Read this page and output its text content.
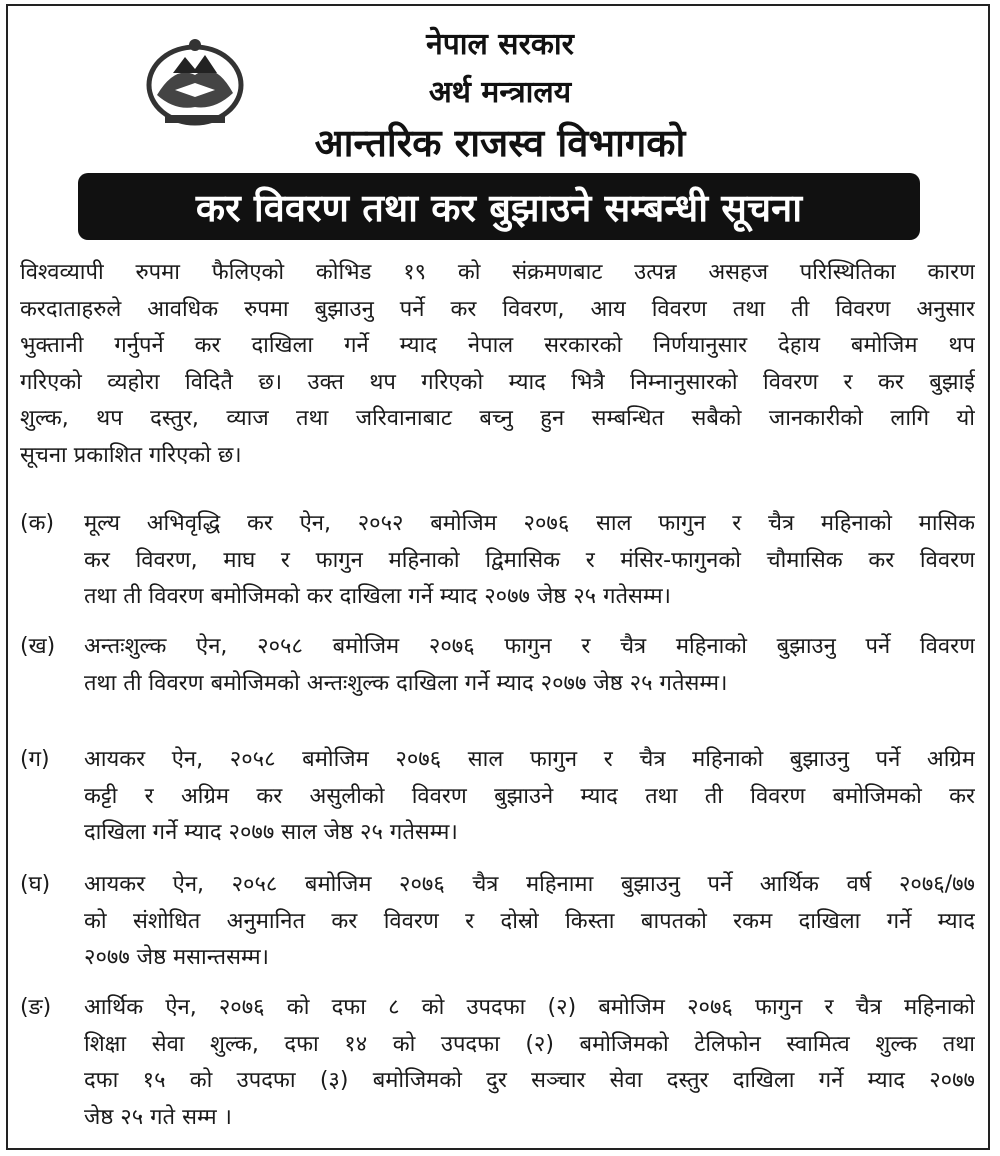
नेपाल सरकार
अर्थ मन्त्रालय
आन्तरिक राजस्व विभागको
कर विवरण तथा कर बुझाउने सम्बन्धी सूचना
विश्वव्यापी रुपमा फैलिएको कोभिड १९ को संक्रमणबाट उत्पन्न असहज परिस्थितिका कारण
करदाताहरुले आवधिक रुपमा बुझाउनु पर्ने कर विवरण, आय विवरण तथा ती विवरण अनुसार
भुक्तानी गर्नुपर्ने कर दाखिला गर्ने म्याद नेपाल सरकारको निर्णयानुसार देहाय बमोजिम थप
गरिएको व्यहोरा विदितै छ। उक्त थप गरिएको म्याद भित्रै निम्नानुसारको विवरण र कर बुझाई
शुल्क, थप दस्तुर, व्याज तथा जरिवानाबाट बच्नु हुन सम्बन्धित सबैको जानकारीको लागि यो
सूचना प्रकाशित गरिएको छ।
(क) मूल्य अभिवृद्धि कर ऐन, २०५२ बमोजिम २०७६ साल फागुन र चैत्र महिनाको मासिक
कर विवरण, माघ र फागुन महिनाको द्विमासिक र मंसिर-फागुनको चौमासिक कर विवरण
तथा ती विवरण बमोजिमको कर दाखिला गर्ने म्याद २०७७ जेष्ठ २५ गतेसम्म।
(ख) अन्तःशुल्क ऐन, २०५८ बमोजिम २०७६ फागुन र चैत्र महिनाको बुझाउनु पर्ने विवरण
तथा ती विवरण बमोजिमको अन्तःशुल्क दाखिला गर्ने म्याद २०७७ जेष्ठ २५ गतेसम्म।
(ग) आयकर ऐन, २०५८ बमोजिम २०७६ साल फागुन र चैत्र महिनाको बुझाउनु पर्ने अग्रिम
कट्टी र अग्रिम कर असुलीको विवरण बुझाउने म्याद तथा ती विवरण बमोजिमको कर
दाखिला गर्ने म्याद २०७७ साल जेष्ठ २५ गतेसम्म।
(घ) आयकर ऐन, २०५८ बमोजिम २०७६ चैत्र महिनामा बुझाउनु पर्ने आर्थिक वर्ष २०७६/७७
को संशोधित अनुमानित कर विवरण र दोस्रो किस्ता बापतको रकम दाखिला गर्ने म्याद
२०७७ जेष्ठ मसान्तसम्म।
(ङ) आर्थिक ऐन, २०७६ को दफा ८ को उपदफा (२) बमोजिम २०७६ फागुन र चैत्र महिनाको
शिक्षा सेवा शुल्क, दफा १४ को उपदफा (२) बमोजिमको टेलिफोन स्वामित्व शुल्क तथा
दफा १५ को उपदफा (३) बमोजिमको दुर सञ्चार सेवा दस्तुर दाखिला गर्ने म्याद २०७७
जेष्ठ २५ गते सम्म ।
